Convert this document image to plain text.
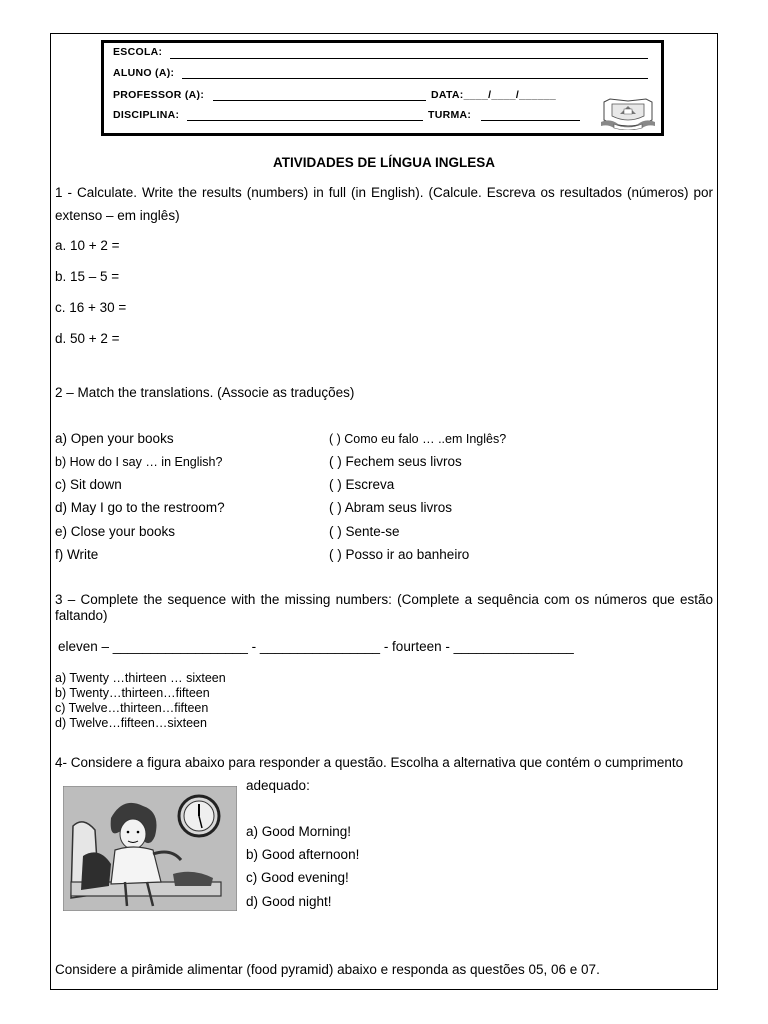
ESCOLA:
ALUNO (A):
PROFESSOR (A):	DATA:____/____/______
DISCIPLINA:	TURMA:
ATIVIDADES DE LÍNGUA INGLESA
1 - Calculate. Write the results (numbers) in full (in English). (Calcule. Escreva os resultados (números) por extenso – em inglês)
a. 10 + 2 =
b. 15 – 5 =
c. 16 + 30 =
d. 50 + 2 =
2 – Match the translations. (Associe as traduções)
a) Open your books
b) How do I say … in English?
c) Sit down
d) May I go to the restroom?
e) Close your books
f) Write
( ) Como eu falo … ..em Inglês?
( ) Fechem seus livros
( ) Escreva
( ) Abram seus livros
( ) Sente-se
( ) Posso ir ao banheiro
3 – Complete the sequence with the missing numbers: (Complete a sequência com os números que estão faltando)
eleven – __________________ - ________________ - fourteen - ________________
a) Twenty …thirteen … sixteen
b) Twenty…thirteen…fifteen
c) Twelve…thirteen…fifteen
d) Twelve…fifteen…sixteen
4- Considere a figura abaixo para responder a questão. Escolha a alternativa que contém o cumprimento
adequado:
a) Good Morning!
b) Good afternoon!
c) Good evening!
d) Good night!
Considere a pirâmide alimentar (food pyramid) abaixo e responda as questões 05, 06 e 07.
